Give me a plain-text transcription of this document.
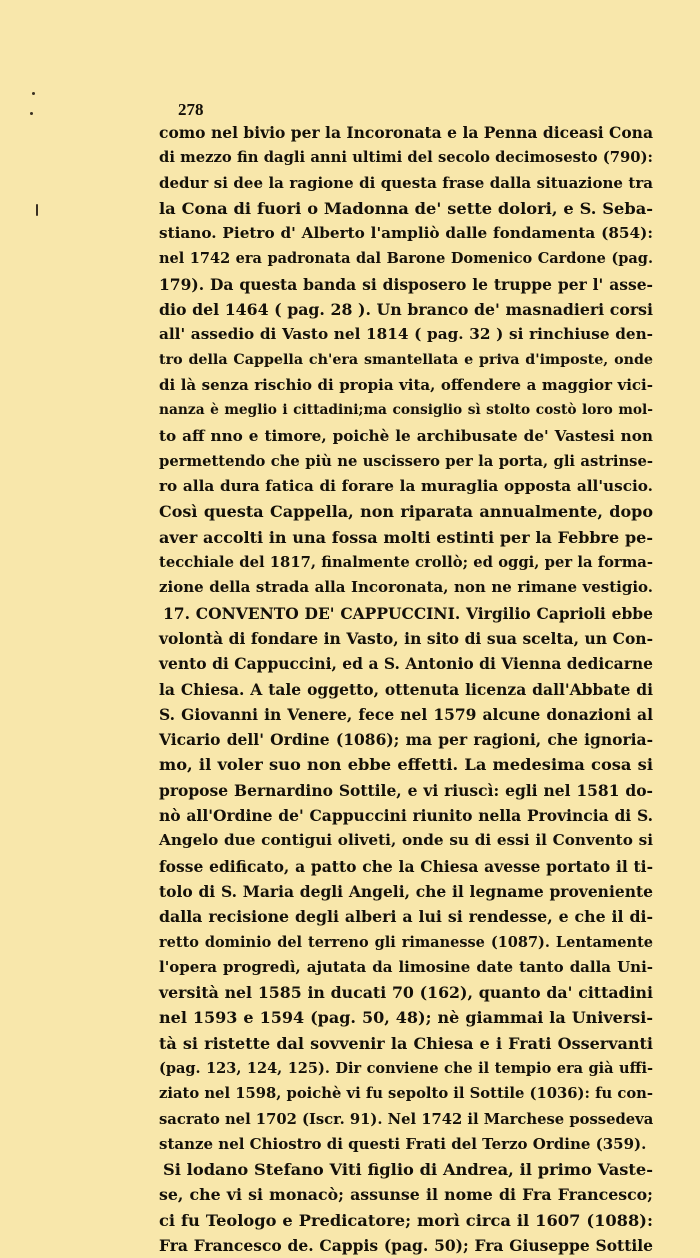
278
como nel bivio per la Incoronata e la Penna diceasi Cona
di mezzo fin dagli anni ultimi del secolo decimosesto (790):
dedur si dee la ragione di questa frase dalla situazione tra
la Cona di fuori o Madonna de' sette dolori, e S. Seba-
stiano. Pietro d' Alberto l'ampliò dalle fondamenta (854):
nel 1742 era padronata dal Barone Domenico Cardone (pag.
179). Da questa banda si disposero le truppe per l' asse-
dio del 1464 ( pag. 28 ). Un branco de' masnadieri corsi
all' assedio di Vasto nel 1814 ( pag. 32 ) si rinchiuse den-
tro della Cappella ch'era smantellata e priva d'imposte, onde
di là senza rischio di propia vita, offendere a maggior vici-
nanza è meglio i cittadini;ma consiglio sì stolto costò loro mol-
to aff nno e timore, poichè le archibusate de' Vastesi non
permettendo che più ne uscissero per la porta, gli astrinse-
ro alla dura fatica di forare la muraglia opposta all'uscio.
Così questa Cappella, non riparata annualmente, dopo
aver accolti in una fossa molti estinti per la Febbre pe-
tecchiale del 1817, finalmente crollò; ed oggi, per la forma-
zione della strada alla Incoronata, non ne rimane vestigio.
17. CONVENTO DE' CAPPUCCINI. Virgilio Caprioli ebbe
volontà di fondare in Vasto, in sito di sua scelta, un Con-
vento di Cappuccini, ed a S. Antonio di Vienna dedicarne
la Chiesa. A tale oggetto, ottenuta licenza dall'Abbate di
S. Giovanni in Venere, fece nel 1579 alcune donazioni al
Vicario dell' Ordine (1086); ma per ragioni, che ignoria-
mo, il voler suo non ebbe effetti. La medesima cosa si
propose Bernardino Sottile, e vi riuscì: egli nel 1581 do-
nò all'Ordine de' Cappuccini riunito nella Provincia di S.
Angelo due contigui oliveti, onde su di essi il Convento si
fosse edificato, a patto che la Chiesa avesse portato il ti-
tolo di S. Maria degli Angeli, che il legname proveniente
dalla recisione degli alberi a lui si rendesse, e che il di-
retto dominio del terreno gli rimanesse (1087). Lentamente
l'opera progredì, ajutata da limosine date tanto dalla Uni-
versità nel 1585 in ducati 70 (162), quanto da' cittadini
nel 1593 e 1594 (pag. 50, 48); nè giammai la Universi-
tà si ristette dal sovvenir la Chiesa e i Frati Osservanti
(pag. 123, 124, 125). Dir conviene che il tempio era già uffi-
ziato nel 1598, poichè vi fu sepolto il Sottile (1036): fu con-
sacrato nel 1702 (Iscr. 91). Nel 1742 il Marchese possedeva
stanze nel Chiostro di questi Frati del Terzo Ordine (359).
Si lodano Stefano Viti figlio di Andrea, il primo Vaste-
se, che vi si monacò; assunse il nome di Fra Francesco;
ci fu Teologo e Predicatore; morì circa il 1607 (1088):
Fra Francesco de. Cappis (pag. 50); Fra Giuseppe Sottile
